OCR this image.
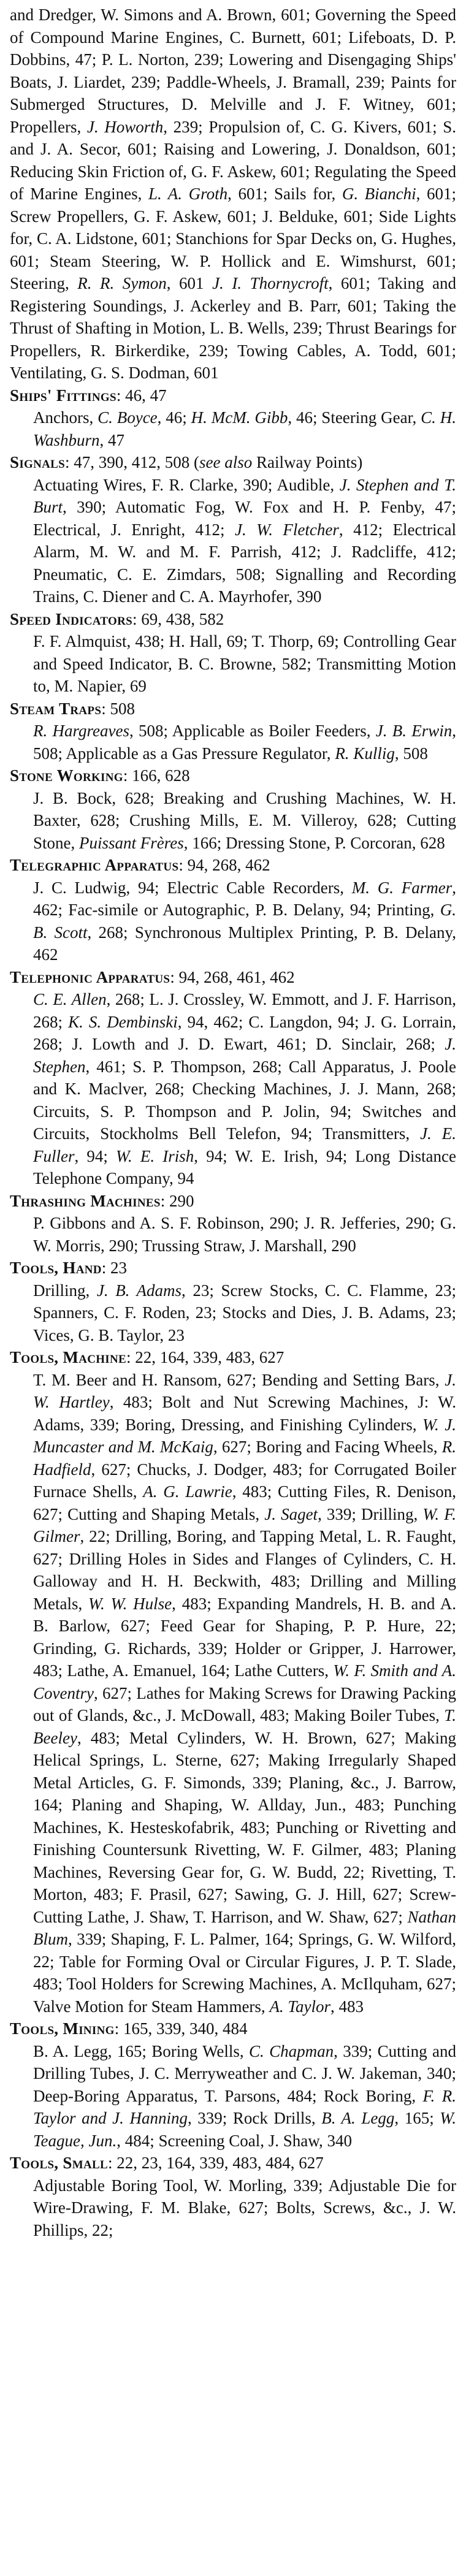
and Dredger, W. Simons and A. Brown, 601; Governing the Speed of Compound Marine Engines, C. Burnett, 601; Lifeboats, D. P. Dobbins, 47; P. L. Norton, 239; Lowering and Disengaging Ships' Boats, J. Liardet, 239; Paddle-Wheels, J. Bramall, 239; Paints for Submerged Structures, D. Melville and J. F. Witney, 601; Propellers, J. Howorth, 239; Propulsion of, C. G. Kivers, 601; S. and J. A. Secor, 601; Raising and Lowering, J. Donaldson, 601; Reducing Skin Friction of, G. F. Askew, 601; Regulating the Speed of Marine Engines, L. A. Groth, 601; Sails for, G. Bianchi, 601; Screw Propellers, G. F. Askew, 601; J. Belduke, 601; Side Lights for, C. A. Lidstone, 601; Stanchions for Spar Decks on, G. Hughes, 601; Steam Steering, W. P. Hollick and E. Wimshurst, 601; Steering, R. R. Symon, 601 J. I. Thornycroft, 601; Taking and Registering Soundings, J. Ackerley and B. Parr, 601; Taking the Thrust of Shafting in Motion, L. B. Wells, 239; Thrust Bearings for Propellers, R. Birkerdike, 239; Towing Cables, A. Todd, 601; Ventilating, G. S. Dodman, 601

Ships' Fittings: 46, 47

Anchors, C. Boyce, 46; H. McM. Gibb, 46; Steering Gear, C. H. Washburn, 47

Signals: 47, 390, 412, 508 (see also Railway Points)

Actuating Wires, F. R. Clarke, 390; Audible, J. Stephen and T. Burt, 390; Automatic Fog, W. Fox and H. P. Fenby, 47; Electrical, J. Enright, 412; J. W. Fletcher, 412; Electrical Alarm, M. W. and M. F. Parrish, 412; J. Radcliffe, 412; Pneumatic, C. E. Zimdars, 508; Signalling and Recording Trains, C. Diener and C. A. Mayrhofer, 390

Speed Indicators: 69, 438, 582

F. F. Almquist, 438; H. Hall, 69; T. Thorp, 69; Controlling Gear and Speed Indicator, B. C. Browne, 582; Transmitting Motion to, M. Napier, 69

Steam Traps: 508

R. Hargreaves, 508; Applicable as Boiler Feeders, J. B. Erwin, 508; Applicable as a Gas Pressure Regulator, R. Kullig, 508

Stone Working: 166, 628

J. B. Bock, 628; Breaking and Crushing Machines, W. H. Baxter, 628; Crushing Mills, E. M. Villeroy, 628; Cutting Stone, Puissant Frères, 166; Dressing Stone, P. Corcoran, 628

Telegraphic Apparatus: 94, 268, 462

J. C. Ludwig, 94; Electric Cable Recorders, M. G. Farmer, 462; Fac-simile or Autographic, P. B. Delany, 94; Printing, G. B. Scott, 268; Synchronous Multiplex Printing, P. B. Delany, 462

Telephonic Apparatus: 94, 268, 461, 462

C. E. Allen, 268; L. J. Crossley, W. Emmott, and J. F. Harrison, 268; K. S. Dembinski, 94, 462; C. Langdon, 94; J. G. Lorrain, 268; J. Lowth and J. D. Ewart, 461; D. Sinclair, 268; J. Stephen, 461; S. P. Thompson, 268; Call Apparatus, J. Poole and K. Maclver, 268; Checking Machines, J. J. Mann, 268; Circuits, S. P. Thompson and P. Jolin, 94; Switches and Circuits, Stockholms Bell Telefon, 94; Transmitters, J. E. Fuller, 94; W. E. Irish, 94; W. E. Irish, 94; Long Distance Telephone Company, 94

Thrashing Machines: 290

P. Gibbons and A. S. F. Robinson, 290; J. R. Jefferies, 290; G. W. Morris, 290; Trussing Straw, J. Marshall, 290

Tools, Hand: 23

Drilling, J. B. Adams, 23; Screw Stocks, C. C. Flamme, 23; Spanners, C. F. Roden, 23; Stocks and Dies, J. B. Adams, 23; Vices, G. B. Taylor, 23

Tools, Machine: 22, 164, 339, 483, 627

T. M. Beer and H. Ransom, 627; Bending and Setting Bars, J. W. Hartley, 483; Bolt and Nut Screwing Machines, J: W. Adams, 339; Boring, Dressing, and Finishing Cylinders, W. J. Muncaster and M. McKaig, 627; Boring and Facing Wheels, R. Hadfield, 627; Chucks, J. Dodger, 483; for Corrugated Boiler Furnace Shells, A. G. Lawrie, 483; Cutting Files, R. Denison, 627; Cutting and Shaping Metals, J. Saget, 339; Drilling, W. F. Gilmer, 22; Drilling, Boring, and Tapping Metal, L. R. Faught, 627; Drilling Holes in Sides and Flanges of Cylinders, C. H. Galloway and H. H. Beckwith, 483; Drilling and Milling Metals, W. W. Hulse, 483; Expanding Mandrels, H. B. and A. B. Barlow, 627; Feed Gear for Shaping, P. P. Hure, 22; Grinding, G. Richards, 339; Holder or Gripper, J. Harrower, 483; Lathe, A. Emanuel, 164; Lathe Cutters, W. F. Smith and A. Coventry, 627; Lathes for Making Screws for Drawing Packing out of Glands, &c., J. McDowall, 483; Making Boiler Tubes, T. Beeley, 483; Metal Cylinders, W. H. Brown, 627; Making Helical Springs, L. Sterne, 627; Making Irregularly Shaped Metal Articles, G. F. Simonds, 339; Planing, &c., J. Barrow, 164; Planing and Shaping, W. Allday, Jun., 483; Punching Machines, K. Hesteskofabrik, 483; Punching or Rivetting and Finishing Countersunk Rivetting, W. F. Gilmer, 483; Planing Machines, Reversing Gear for, G. W. Budd, 22; Rivetting, T. Morton, 483; F. Prasil, 627; Sawing, G. J. Hill, 627; Screw-Cutting Lathe, J. Shaw, T. Harrison, and W. Shaw, 627; Nathan Blum, 339; Shaping, F. L. Palmer, 164; Springs, G. W. Wilford, 22; Table for Forming Oval or Circular Figures, J. P. T. Slade, 483; Tool Holders for Screwing Machines, A. McIlquham, 627; Valve Motion for Steam Hammers, A. Taylor, 483

Tools, Mining: 165, 339, 340, 484

B. A. Legg, 165; Boring Wells, C. Chapman, 339; Cutting and Drilling Tubes, J. C. Merryweather and C. J. W. Jakeman, 340; Deep-Boring Apparatus, T. Parsons, 484; Rock Boring, F. R. Taylor and J. Hanning, 339; Rock Drills, B. A. Legg, 165; W. Teague, Jun., 484; Screening Coal, J. Shaw, 340

Tools, Small: 22, 23, 164, 339, 483, 484, 627

Adjustable Boring Tool, W. Morling, 339; Adjustable Die for Wire-Drawing, F. M. Blake, 627; Bolts, Screws, &c., J. W. Phillips, 22;
